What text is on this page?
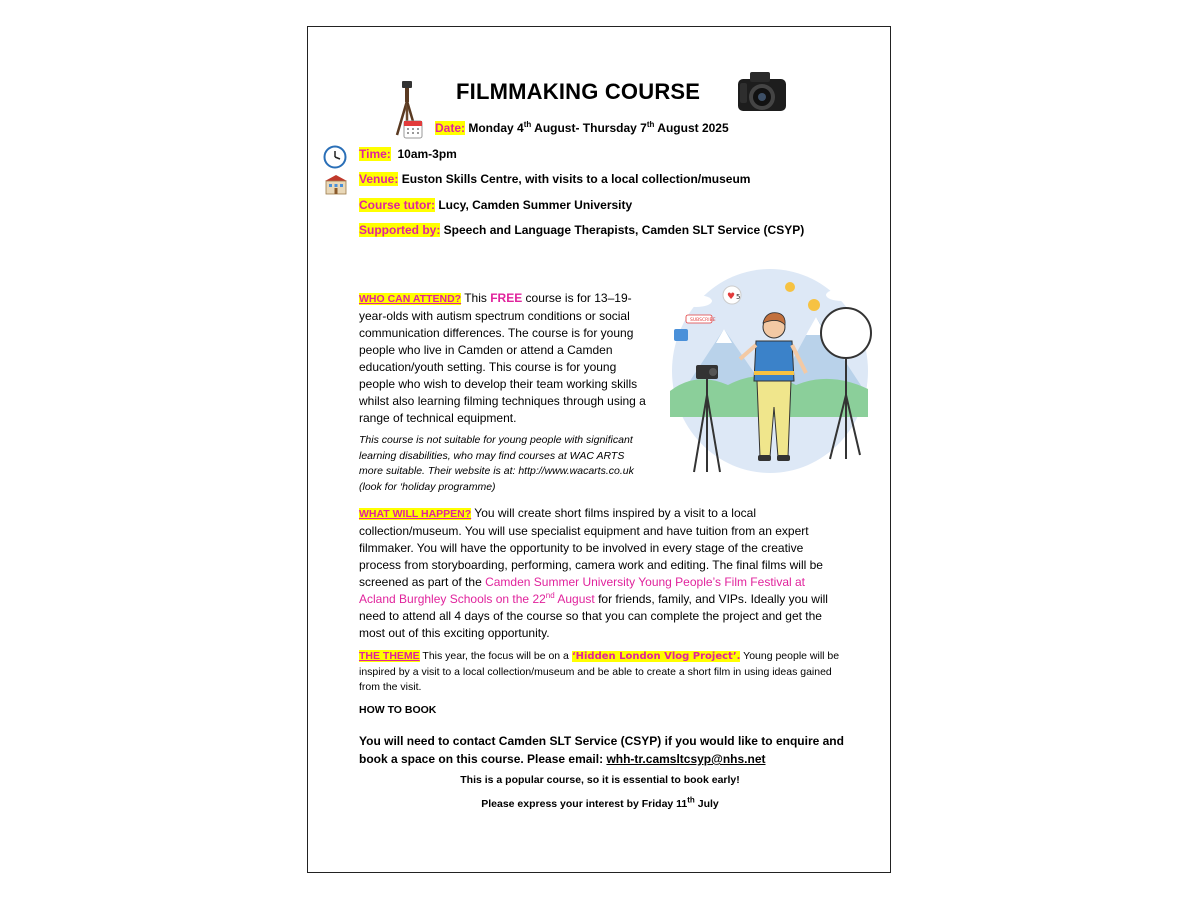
FILMMAKING COURSE
Date: Monday 4th August- Thursday 7th August 2025
Time: 10am-3pm
Venue: Euston Skills Centre, with visits to a local collection/museum
Course tutor: Lucy, Camden Summer University
Supported by: Speech and Language Therapists, Camden SLT Service (CSYP)
WHO CAN ATTEND? This FREE course is for 13–19-year-olds with autism spectrum conditions or social communication differences. The course is for young people who live in Camden or attend a Camden education/youth setting. This course is for young people who wish to develop their team working skills whilst also learning filming techniques through using a range of technical equipment.
This course is not suitable for young people with significant learning disabilities, who may find courses at WAC ARTS more suitable. Their website is at: http://www.wacarts.co.uk (look for ‘holiday programme)
♥ 5
SUBSCRIBE
WHAT WILL HAPPEN? You will create short films inspired by a visit to a local collection/museum. You will use specialist equipment and have tuition from an expert filmmaker. You will have the opportunity to be involved in every stage of the creative process from storyboarding, performing, camera work and editing. The final films will be screened as part of the Camden Summer University Young People’s Film Festival at Acland Burghley Schools on the 22nd August for friends, family, and VIPs. Ideally you will need to attend all 4 days of the course so that you can complete the project and get the most out of this exciting opportunity.
THE THEME This year, the focus will be on a ‘Hidden London Vlog Project’. Young people will be inspired by a visit to a local collection/museum and be able to create a short film in using ideas gained from the visit.
HOW TO BOOK
You will need to contact Camden SLT Service (CSYP) if you would like to enquire and book a space on this course. Please email: whh-tr.camsltcsyp@nhs.net
This is a popular course, so it is essential to book early!
Please express your interest by Friday 11th July
